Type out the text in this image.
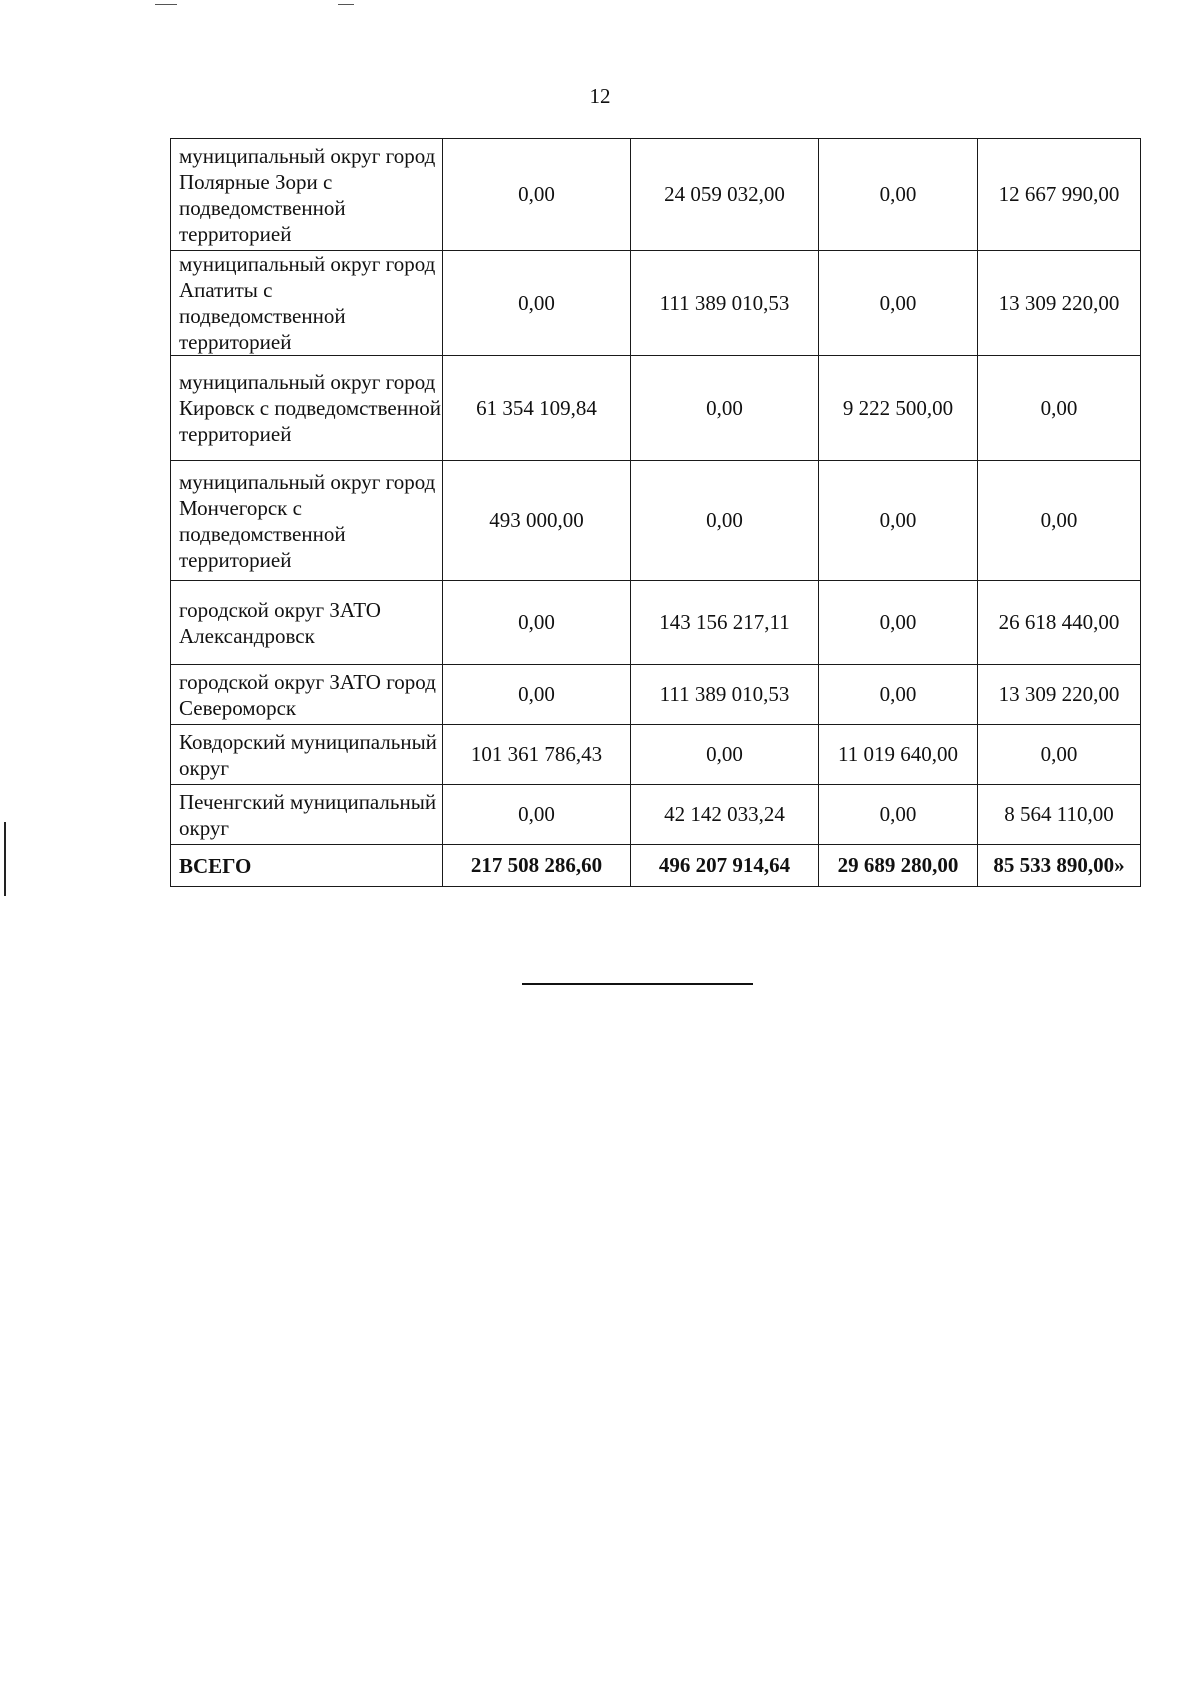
12
муниципальный округ город Полярные Зори с подведомственной территорией	0,00	24 059 032,00	0,00	12 667 990,00
муниципальный округ город Апатиты с подведомственной территорией	0,00	111 389 010,53	0,00	13 309 220,00
муниципальный округ город Кировск с подведомственной территорией	61 354 109,84	0,00	9 222 500,00	0,00
муниципальный округ город Мончегорск с подведомственной территорией	493 000,00	0,00	0,00	0,00
городской округ ЗАТО Александровск	0,00	143 156 217,11	0,00	26 618 440,00
городской округ ЗАТО город Североморск	0,00	111 389 010,53	0,00	13 309 220,00
Ковдорский муниципальный округ	101 361 786,43	0,00	11 019 640,00	0,00
Печенгский муниципальный округ	0,00	42 142 033,24	0,00	8 564 110,00
ВСЕГО	217 508 286,60	496 207 914,64	29 689 280,00	85 533 890,00»
